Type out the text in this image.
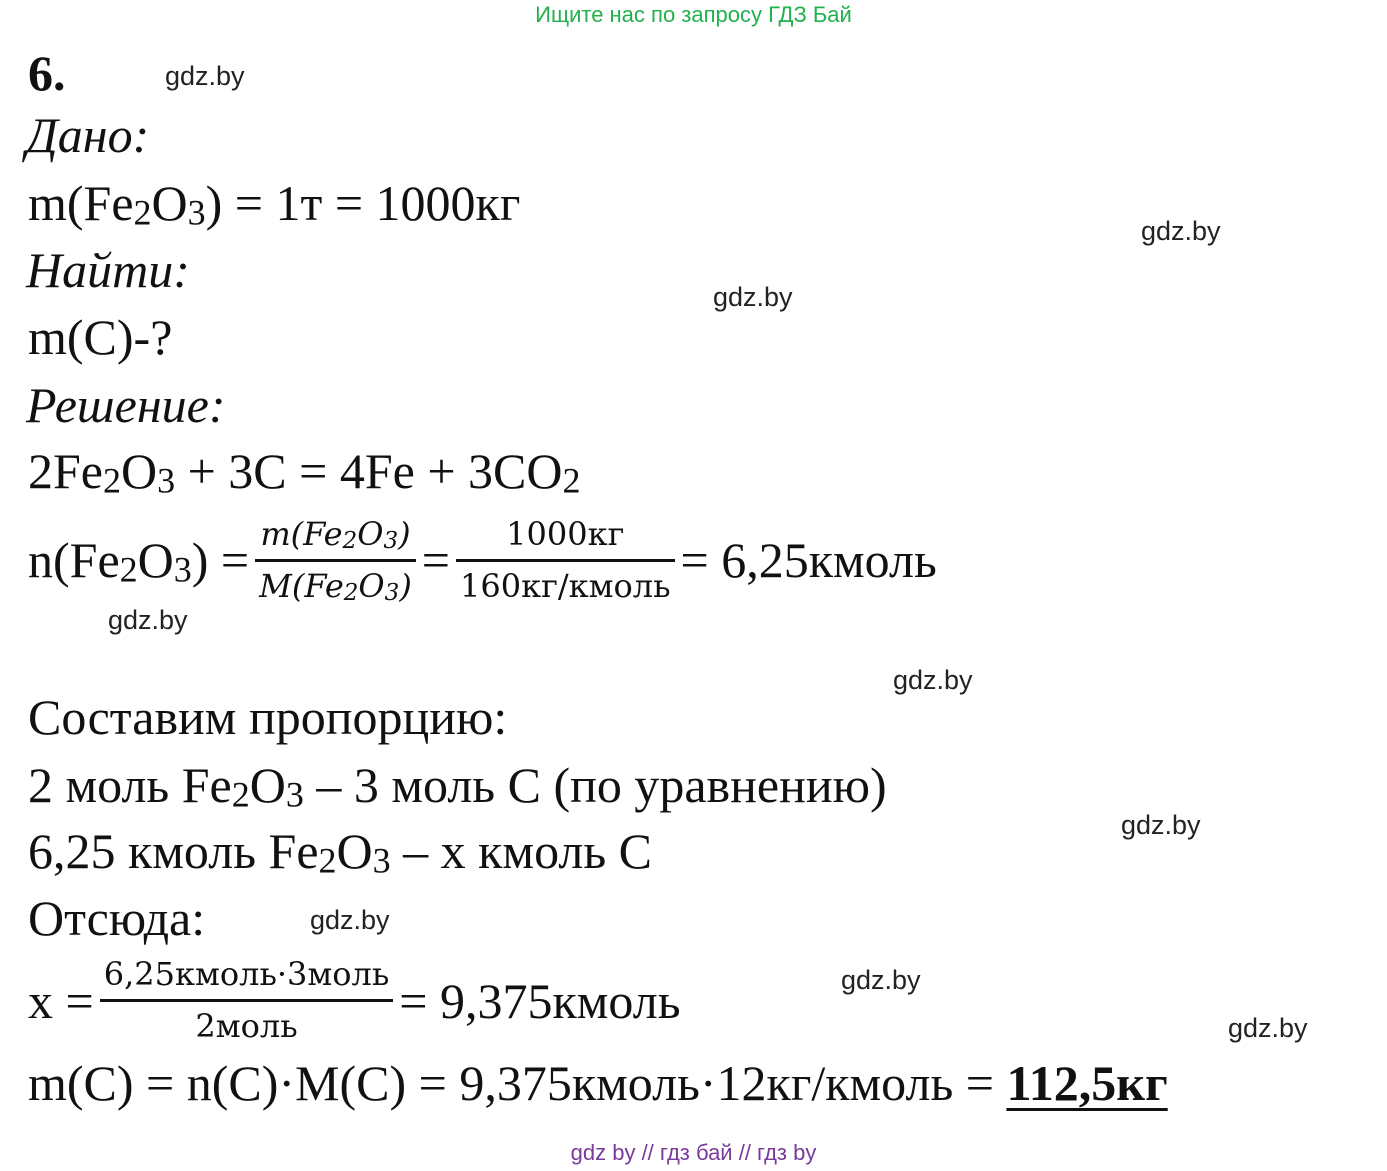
Ищите нас по запросу ГДЗ Бай
6.	gdz.by
gdz.by
gdz.by
gdz.by
gdz.by
gdz.by
gdz.by
gdz.by
gdz.by
Дано:
$m(Fe_2O_3) = 1т = 1000кг$
Найти:
m(C)-?
Решение:
$2Fe_2O_3 + 3C = 4Fe + 3CO_2$
$n(Fe_2O_3) = \frac{m(Fe_2O_3)}{M(Fe_2O_3)} = \frac{1000кг}{\text{160кг/кмоль}}$ = 6,25кмоль
Составим пропорцию:
2 моль $Fe_2O_3 - 3$ моль C (по уравнению)
6,25 кмоль $Fe_2O_3$ – x кмоль C
Отсюда:
$x = \frac{\text{6,25кмоль·3моль}}{\text{2моль}}$ = 9,375кмоль
m(C) = n(C)·M(C) = 9,375кмоль·12кг/кмоль = 112,5кг
gdz by // гдз бай // гдз by
